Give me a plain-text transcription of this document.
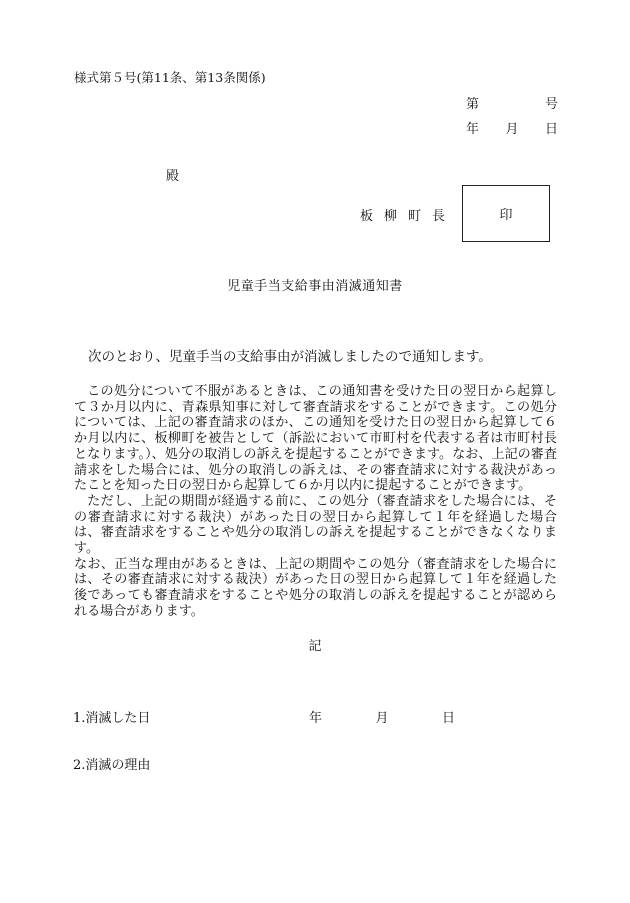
様式第５号(第11条、第13条関係)
第	号
年 月 日
殿
板柳町長	印
児童手当支給事由消滅通知書
次のとおり、児童手当の支給事由が消滅しましたので通知します。

この処分について不服があるときは、この通知書を受けた日の翌日から起算して３か月以内に、青森県知事に対して審査請求をすることができます。この処分については、上記の審査請求のほか、この通知を受けた日の翌日から起算して６か月以内に、板柳町を被告として（訴訟において市町村を代表する者は市町村長となります。）、処分の取消しの訴えを提起することができます。なお、上記の審査請求をした場合には、処分の取消しの訴えは、その審査請求に対する裁決があったことを知った日の翌日から起算して６か月以内に提起することができます。

ただし、上記の期間が経過する前に、この処分（審査請求をした場合には、その審査請求に対する裁決）があった日の翌日から起算して１年を経過した場合は、審査請求をすることや処分の取消しの訴えを提起することができなくなります。

なお、正当な理由があるときは、上記の期間やこの処分（審査請求をした場合には、その審査請求に対する裁決）があった日の翌日から起算して１年を経過した後であっても審査請求をすることや処分の取消しの訴えを提起することが認められる場合があります。

記
1.消滅した日	年	月	日
2.消滅の理由
